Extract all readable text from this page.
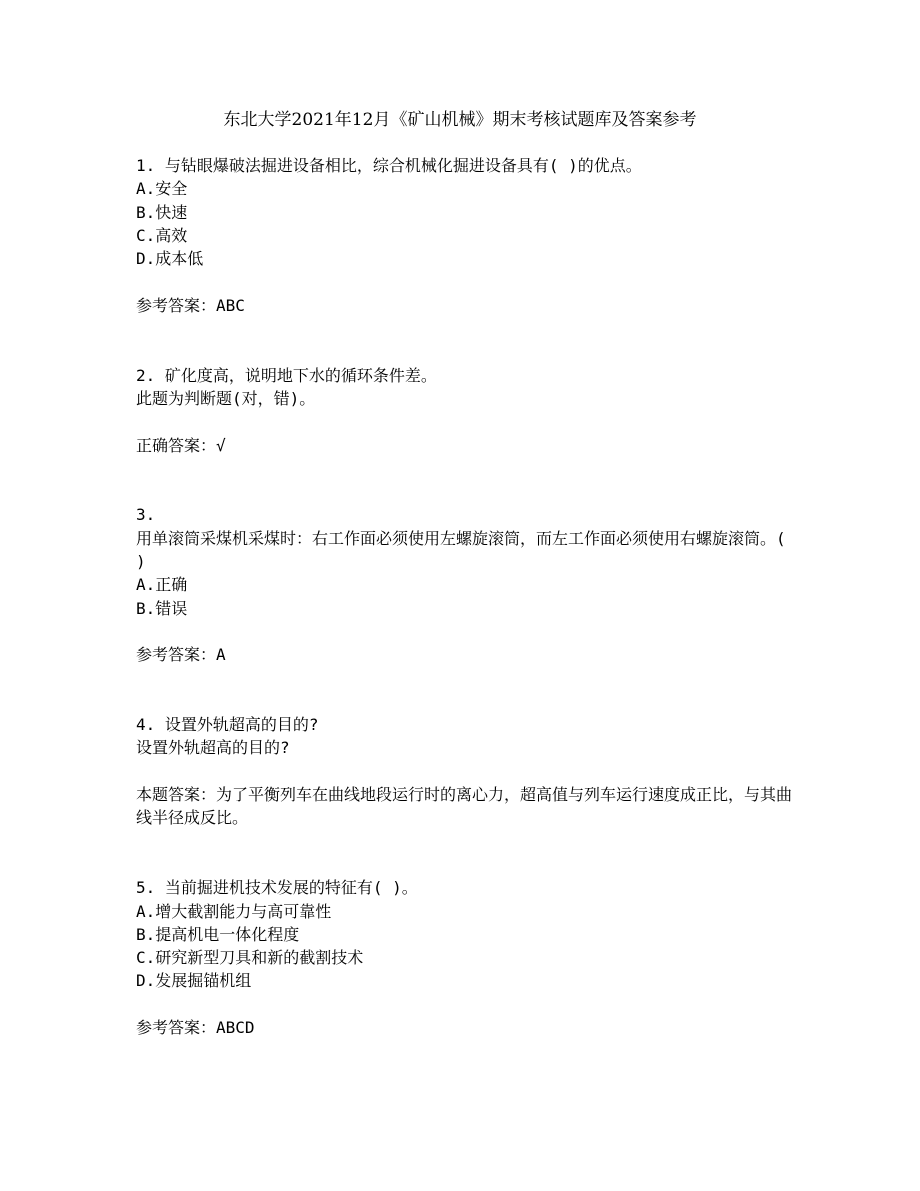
东北大学2021年12月《矿山机械》期末考核试题库及答案参考
1. 与钻眼爆破法掘进设备相比，综合机械化掘进设备具有( )的优点。
A.安全
B.快速
C.高效
D.成本低
参考答案：ABC
2. 矿化度高，说明地下水的循环条件差。
此题为判断题(对，错)。
正确答案：√
3.
用单滚筒采煤机采煤时：右工作面必须使用左螺旋滚筒，而左工作面必须使用右螺旋滚筒。( )
A.正确
B.错误
参考答案：A
4. 设置外轨超高的目的?
设置外轨超高的目的?
本题答案：为了平衡列车在曲线地段运行时的离心力，超高值与列车运行速度成正比，与其曲线半径成反比。
5. 当前掘进机技术发展的特征有( )。
A.增大截割能力与高可靠性
B.提高机电一体化程度
C.研究新型刀具和新的截割技术
D.发展掘锚机组
参考答案：ABCD
